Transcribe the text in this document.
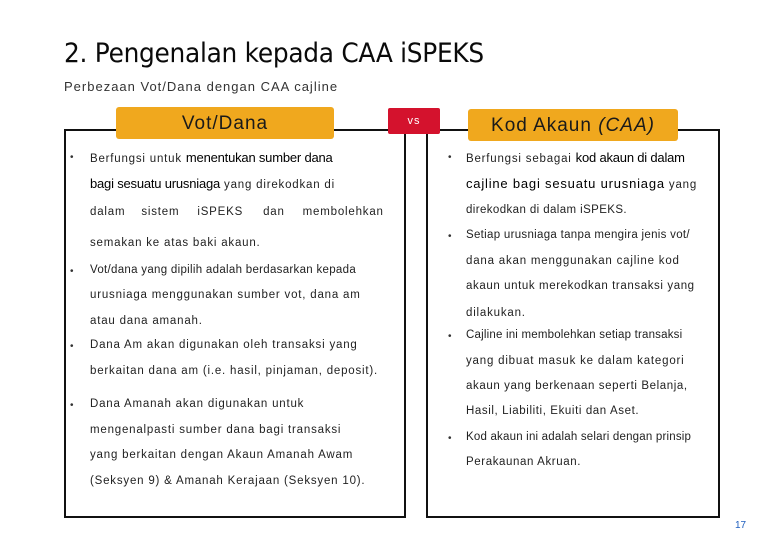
2. Pengenalan kepada CAA iSPEKS
Perbezaan Vot/Dana dengan CAA cajline
Vot/Dana	Kod Akaun (CAA)
vs
• Berfungsi untuk menentukan sumber dana
bagi sesuatu urusniaga yang direkodkan di
dalam sistem iSPEKS dan membolehkan
semakan ke atas baki akaun.
• Vot/dana yang dipilih adalah berdasarkan kepada
urusniaga menggunakan sumber vot, dana am
atau dana amanah.
• Dana Am akan digunakan oleh transaksi yang
berkaitan dana am (i.e. hasil, pinjaman, deposit).
• Dana Amanah akan digunakan untuk
mengenalpasti sumber dana bagi transaksi
yang berkaitan dengan Akaun Amanah Awam
(Seksyen 9) & Amanah Kerajaan (Seksyen 10).
• Berfungsi sebagai kod akaun di dalam
cajline bagi sesuatu urusniaga yang
direkodkan di dalam iSPEKS.
• Setiap urusniaga tanpa mengira jenis vot/
dana akan menggunakan cajline kod
akaun untuk merekodkan transaksi yang
dilakukan.
• Cajline ini membolehkan setiap transaksi
yang dibuat masuk ke dalam kategori
akaun yang berkenaan seperti Belanja,
Hasil, Liabiliti, Ekuiti dan Aset.
• Kod akaun ini adalah selari dengan prinsip
Perakaunan Akruan.
17
